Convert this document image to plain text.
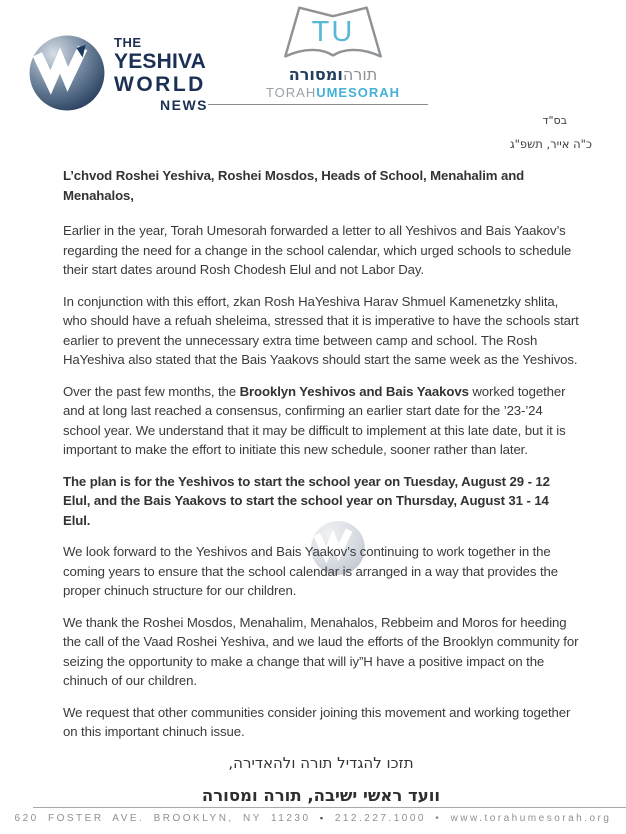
THE
YESHIVA
WORLD
NEWS
TU
תורהומסורה
TORAHUMESORAH
בס"ד
כ"ה אייר, תשפ"ג

L’chvod Roshei Yeshiva, Roshei Mosdos, Heads of School, Menahalim and Menahalos,

Earlier in the year, Torah Umesorah forwarded a letter to all Yeshivos and Bais Yaakov’s regarding the need for a change in the school calendar, which urged schools to schedule their start dates around Rosh Chodesh Elul and not Labor Day.

In conjunction with this effort, zkan Rosh HaYeshiva Harav Shmuel Kamenetzky shlita, who should have a refuah sheleima, stressed that it is imperative to have the schools start earlier to prevent the unnecessary extra time between camp and school. The Rosh HaYeshiva also stated that the Bais Yaakovs should start the same week as the Yeshivos.

Over the past few months, the Brooklyn Yeshivos and Bais Yaakovs worked together and at long last reached a consensus, confirming an earlier start date for the ’23-’24 school year. We understand that it may be difficult to implement at this late date, but it is important to make the effort to initiate this new schedule, sooner rather than later.

The plan is for the Yeshivos to start the school year on Tuesday, August 29 - 12 Elul, and the Bais Yaakovs to start the school year on Thursday, August 31 - 14 Elul.

We look forward to the Yeshivos and Bais Yaakov’s continuing to work together in the coming years to ensure that the school calendar is arranged in a way that provides the proper chinuch structure for our children.

We thank the Roshei Mosdos, Menahalim, Menahalos, Rebbeim and Moros for heeding the call of the Vaad Roshei Yeshiva, and we laud the efforts of the Brooklyn community for seizing the opportunity to make a change that will iy”H have a positive impact on the chinuch of our children.

We request that other communities consider joining this movement and working together on this important chinuch issue.

תזכו להגדיל תורה ולהאדירה,
וועד ראשי ישיבה, תורה ומסורה
620 FOSTER AVE. BROOKLYN, NY 11230 ▪ 212.227.1000 • www.torahumesorah.org
